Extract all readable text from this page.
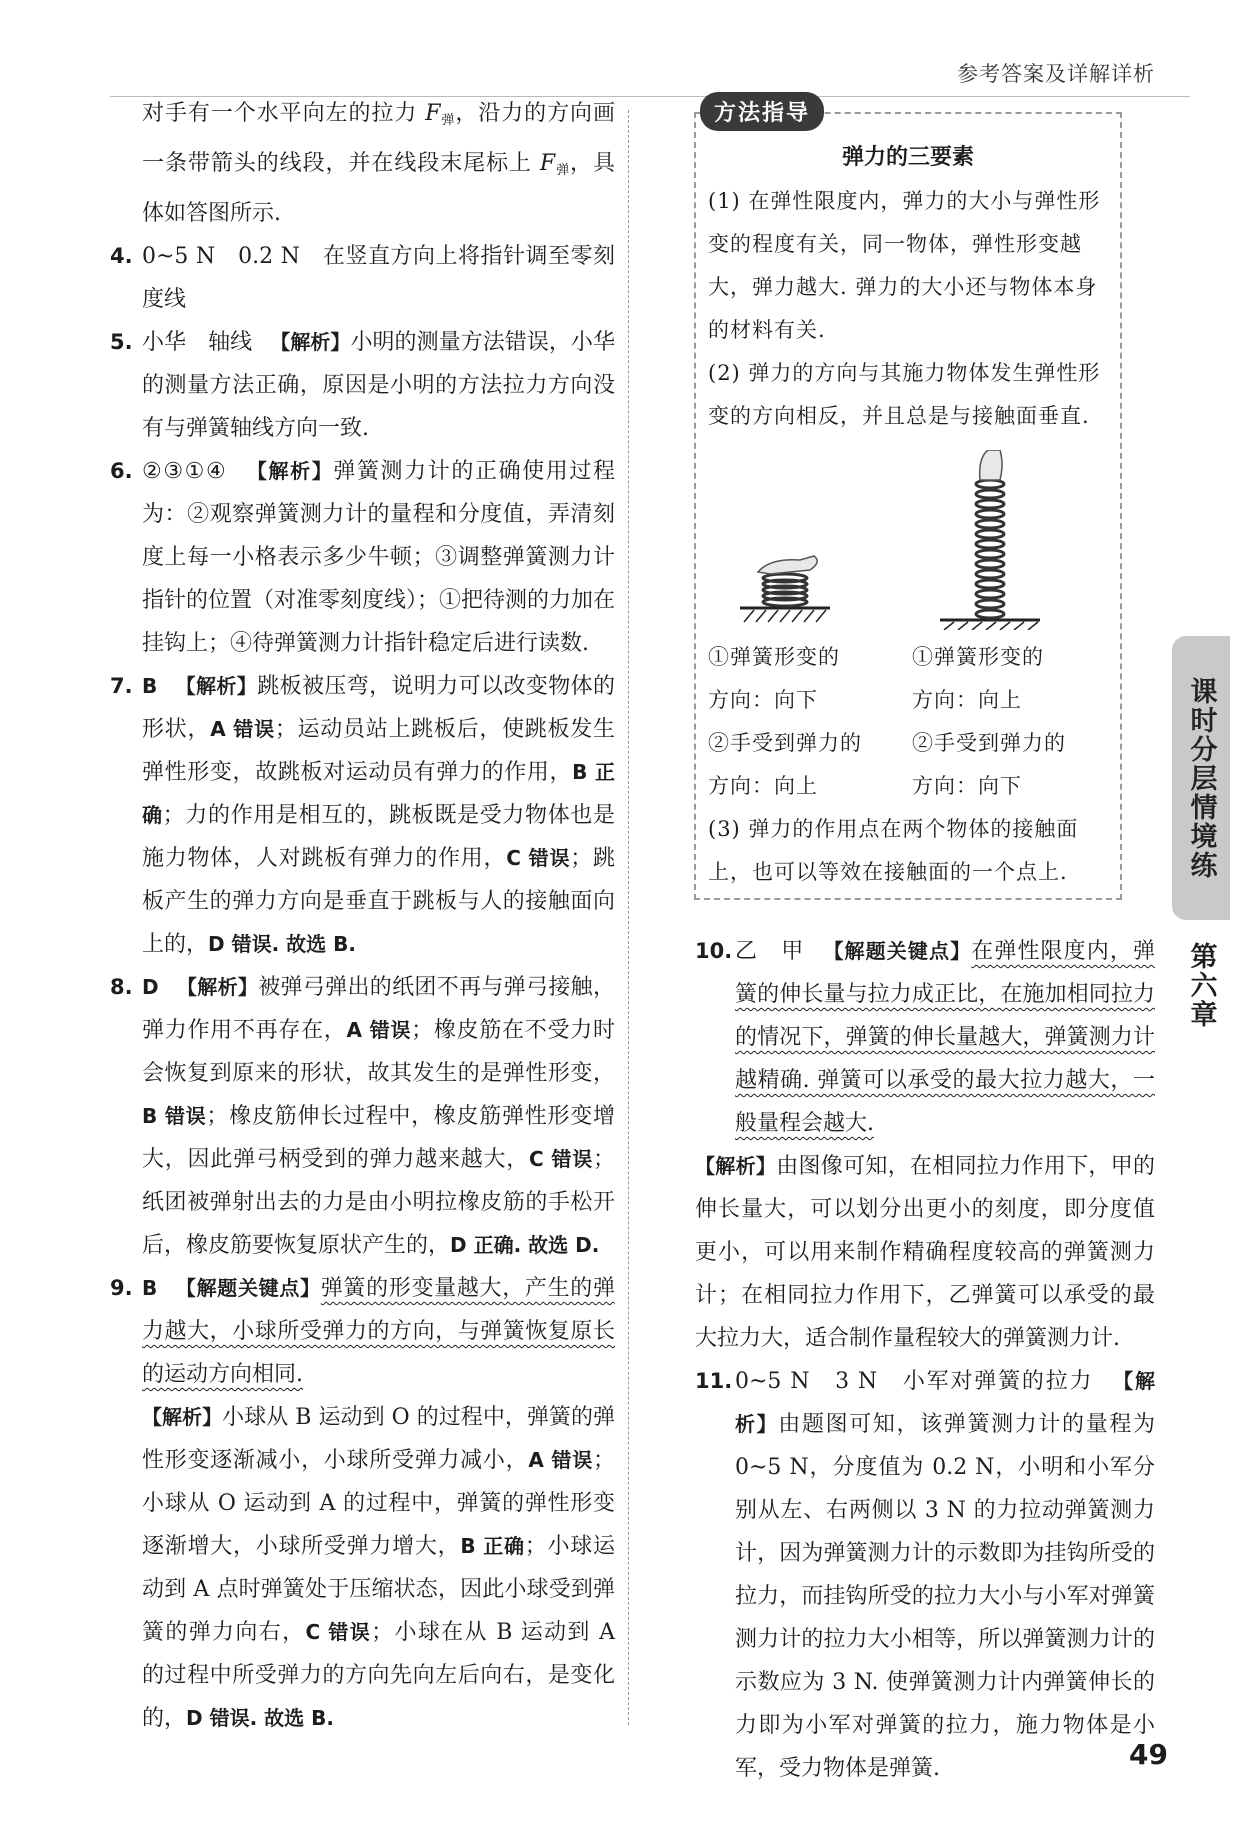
参考答案及详解详析

对手有一个水平向左的拉力 $F_弹$，沿力的方向画一条带箭头的线段，并在线段末尾标上 $F_弹$，具体如答图所示.

4. 0~5 N　0.2 N　在竖直方向上将指针调至零刻度线

5. 小华　轴线 【解析】小明的测量方法错误，小华的测量方法正确，原因是小明的方法拉力方向没有与弹簧轴线方向一致.

6. ②③①④ 【解析】弹簧测力计的正确使用过程为：②观察弹簧测力计的量程和分度值，弄清刻度上每一小格表示多少牛顿；③调整弹簧测力计指针的位置（对准零刻度线）；①把待测的力加在挂钩上；④待弹簧测力计指针稳定后进行读数.

7. B 【解析】跳板被压弯，说明力可以改变物体的形状，A 错误；运动员站上跳板后，使跳板发生弹性形变，故跳板对运动员有弹力的作用，B 正确；力的作用是相互的，跳板既是受力物体也是施力物体，人对跳板有弹力的作用，C 错误；跳板产生的弹力方向是垂直于跳板与人的接触面向上的，D 错误. 故选 B.

8. D 【解析】被弹弓弹出的纸团不再与弹弓接触，弹力作用不再存在，A 错误；橡皮筋在不受力时会恢复到原来的形状，故其发生的是弹性形变，B 错误；橡皮筋伸长过程中，橡皮筋弹性形变增大，因此弹弓柄受到的弹力越来越大，C 错误；纸团被弹射出去的力是由小明拉橡皮筋的手松开后，橡皮筋要恢复原状产生的，D 正确. 故选 D.

9. B 【解题关键点】弹簧的形变量越大，产生的弹力越大，小球所受弹力的方向，与弹簧恢复原长的运动方向相同.

【解析】小球从 B 运动到 O 的过程中，弹簧的弹性形变逐渐减小，小球所受弹力减小，A 错误；小球从 O 运动到 A 的过程中，弹簧的弹性形变逐渐增大，小球所受弹力增大，B 正确；小球运动到 A 点时弹簧处于压缩状态，因此小球受到弹簧的弹力向右，C 错误；小球在从 B 运动到 A 的过程中所受弹力的方向先向左后向右，是变化的，D 错误. 故选 B.

方法指导
弹力的三要素

(1) 在弹性限度内，弹力的大小与弹性形变的程度有关，同一物体，弹性形变越大，弹力越大. 弹力的大小还与物体本身的材料有关.

(2) 弹力的方向与其施力物体发生弹性形变的方向相反，并且总是与接触面垂直.

①弹簧形变的

方向：向下

②手受到弹力的

方向：向上

①弹簧形变的

方向：向上

②手受到弹力的

方向：向下

(3) 弹力的作用点在两个物体的接触面上，也可以等效在接触面的一个点上.

10. 乙　甲 【解题关键点】在弹性限度内，弹簧的伸长量与拉力成正比，在施加相同拉力的情况下，弹簧的伸长量越大，弹簧测力计越精确. 弹簧可以承受的最大拉力越大，一般量程会越大.

【解析】由图像可知，在相同拉力作用下，甲的伸长量大，可以划分出更小的刻度，即分度值更小，可以用来制作精确程度较高的弹簧测力计；在相同拉力作用下，乙弹簧可以承受的最大拉力大，适合制作量程较大的弹簧测力计.

11. 0~5 N　3 N　小军对弹簧的拉力 【解析】由题图可知，该弹簧测力计的量程为 0~5 N，分度值为 0.2 N，小明和小军分别从左、右两侧以 3 N 的力拉动弹簧测力计，因为弹簧测力计的示数即为挂钩所受的拉力，而挂钩所受的拉力大小与小军对弹簧测力计的拉力大小相等，所以弹簧测力计的示数应为 3 N. 使弹簧测力计内弹簧伸长的力即为小军对弹簧的拉力，施力物体是小军，受力物体是弹簧.

课时分层情境练
第六章
49
